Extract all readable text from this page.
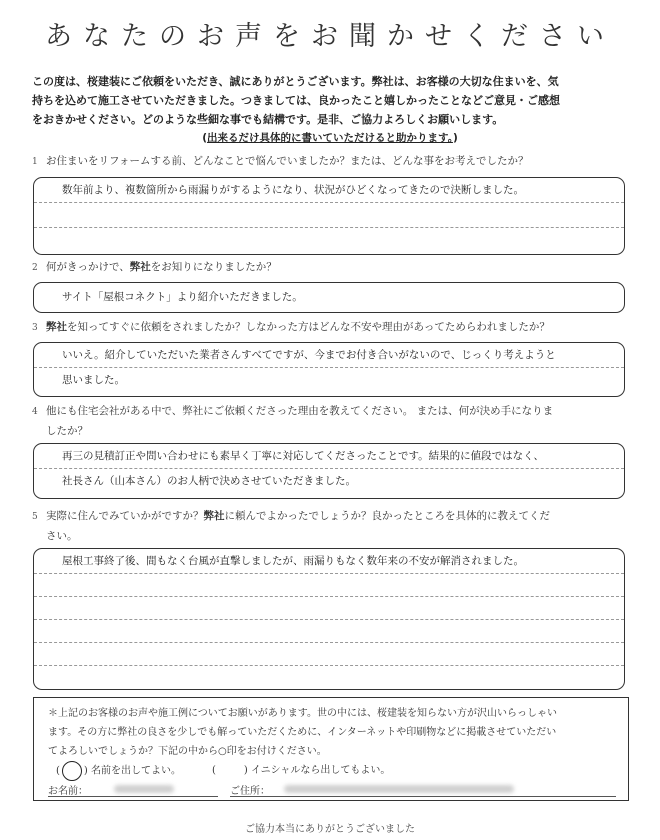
あなたのお声をお聞かせください

この度は、桜建装にご依頼をいただき、誠にありがとうございます。弊社は、お客様の大切な住まいを、気

持ちを込めて施工させていただきました。つきましては、良かったこと嬉しかったことなどご意見・ご感想

をおきかせください。どのような些細な事でも結構です。是非、ご協力よろしくお願いします。

(出来るだけ具体的に書いていただけると助かります。)
1 お住まいをリフォームする前、どんなことで悩んでいましたか？または、どんな事をお考えでしたか？
数年前より、複数箇所から雨漏りがするようになり、状況がひどくなってきたので決断しました。
2 何がきっかけで、弊社をお知りになりましたか？
サイト「屋根コネクト」より紹介いただきました。
3 弊社を知ってすぐに依頼をされましたか？しなかった方はどんな不安や理由があってためらわれましたか？
いいえ。紹介していただいた業者さんすべてですが、今までお付き合いがないので、じっくり考えようと
思いました。
4 他にも住宅会社がある中で、弊社にご依頼くださった理由を教えてください。 または、何が決め手になりま
したか？
再三の見積訂正や問い合わせにも素早く丁寧に対応してくださったことです。結果的に値段ではなく、
社長さん（山本さん）のお人柄で決めさせていただきました。
5 実際に住んでみていかがですか？弊社に頼んでよかったでしょうか？良かったところを具体的に教えてくだ
さい。
屋根工事終了後、間もなく台風が直撃しましたが、雨漏りもなく数年来の不安が解消されました。

＊上記のお客様のお声や施工例についてお願いがあります。世の中には、桜建装を知らない方が沢山いらっしゃい

ます。その方に弊社の良さを少しでも解っていただくために、インターネットや印刷物などに掲載させていただい

てよろしいでしょうか？下記の中から○印をお付けください。

( ○ ) 名前を出してよい。	(	) イニシャルなら出してもよい。
お名前：	ご住所：
ご協力本当にありがとうございました
